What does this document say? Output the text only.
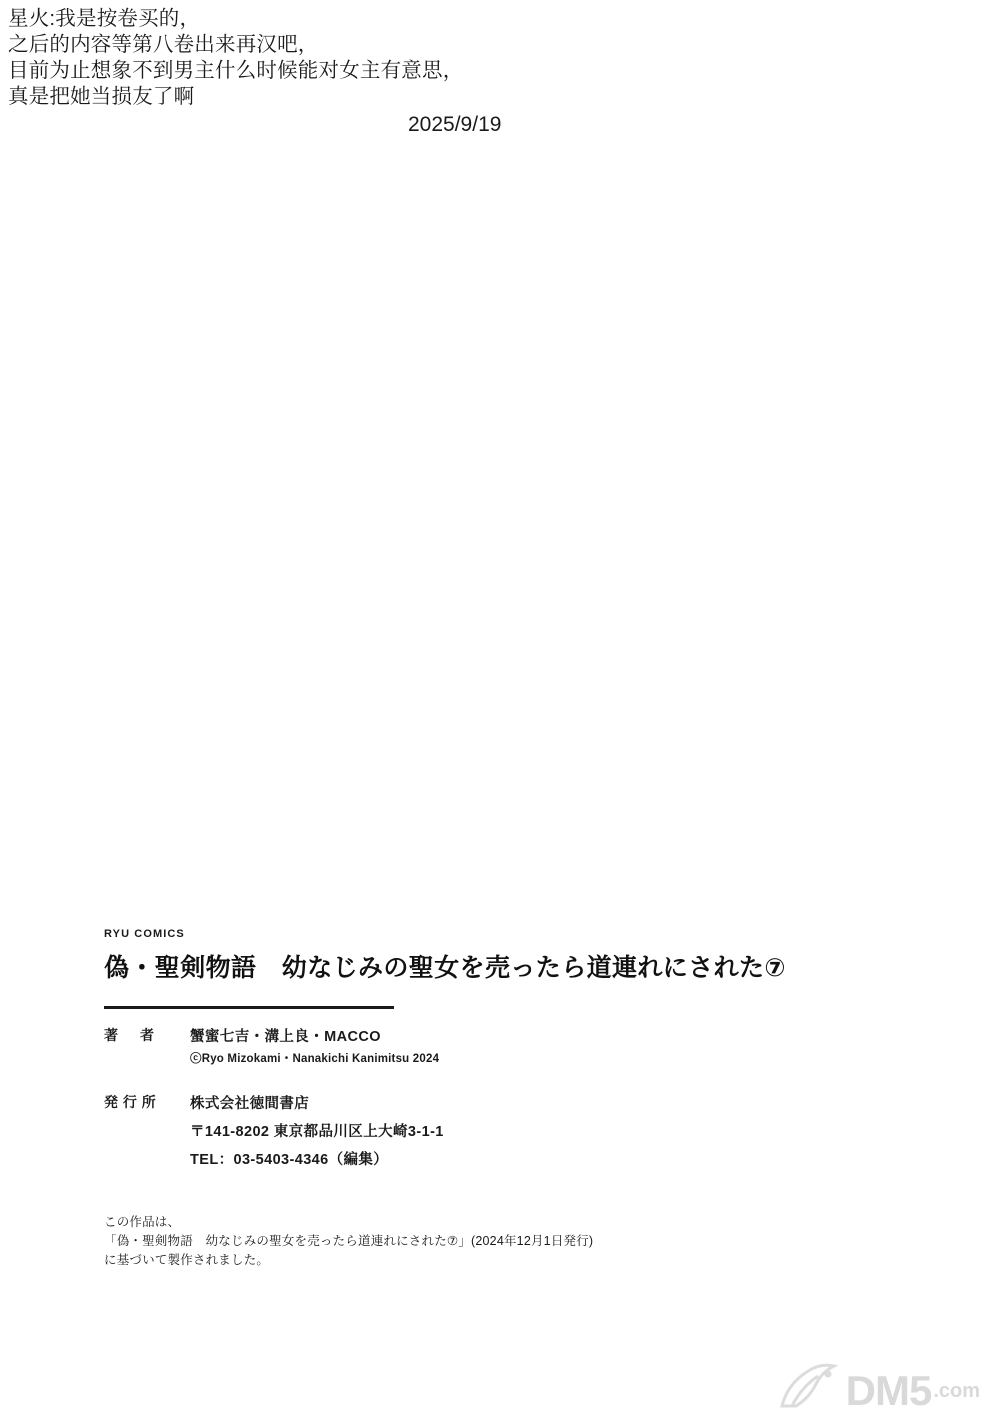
星火:我是按卷买的，
之后的内容等第八卷出来再汉吧，
目前为止想象不到男主什么时候能对女主有意思，
真是把她当损友了啊
2025/9/19
RYU COMICS
偽・聖剣物語　幼なじみの聖女を売ったら道連れにされた⑦
著　者	蟹蜜七吉・溝上良・MACCO
ⓒRyo Mizokami・Nanakichi Kanimitsu 2024
発 行 所	株式会社徳間書店
〒141-8202 東京都品川区上大崎3-1-1
TEL：03-5403-4346（編集）
この作品は、
「偽・聖剣物語　幼なじみの聖女を売ったら道連れにされた⑦」(2024年12月1日発行)
に基づいて製作されました。
DM5 .com
